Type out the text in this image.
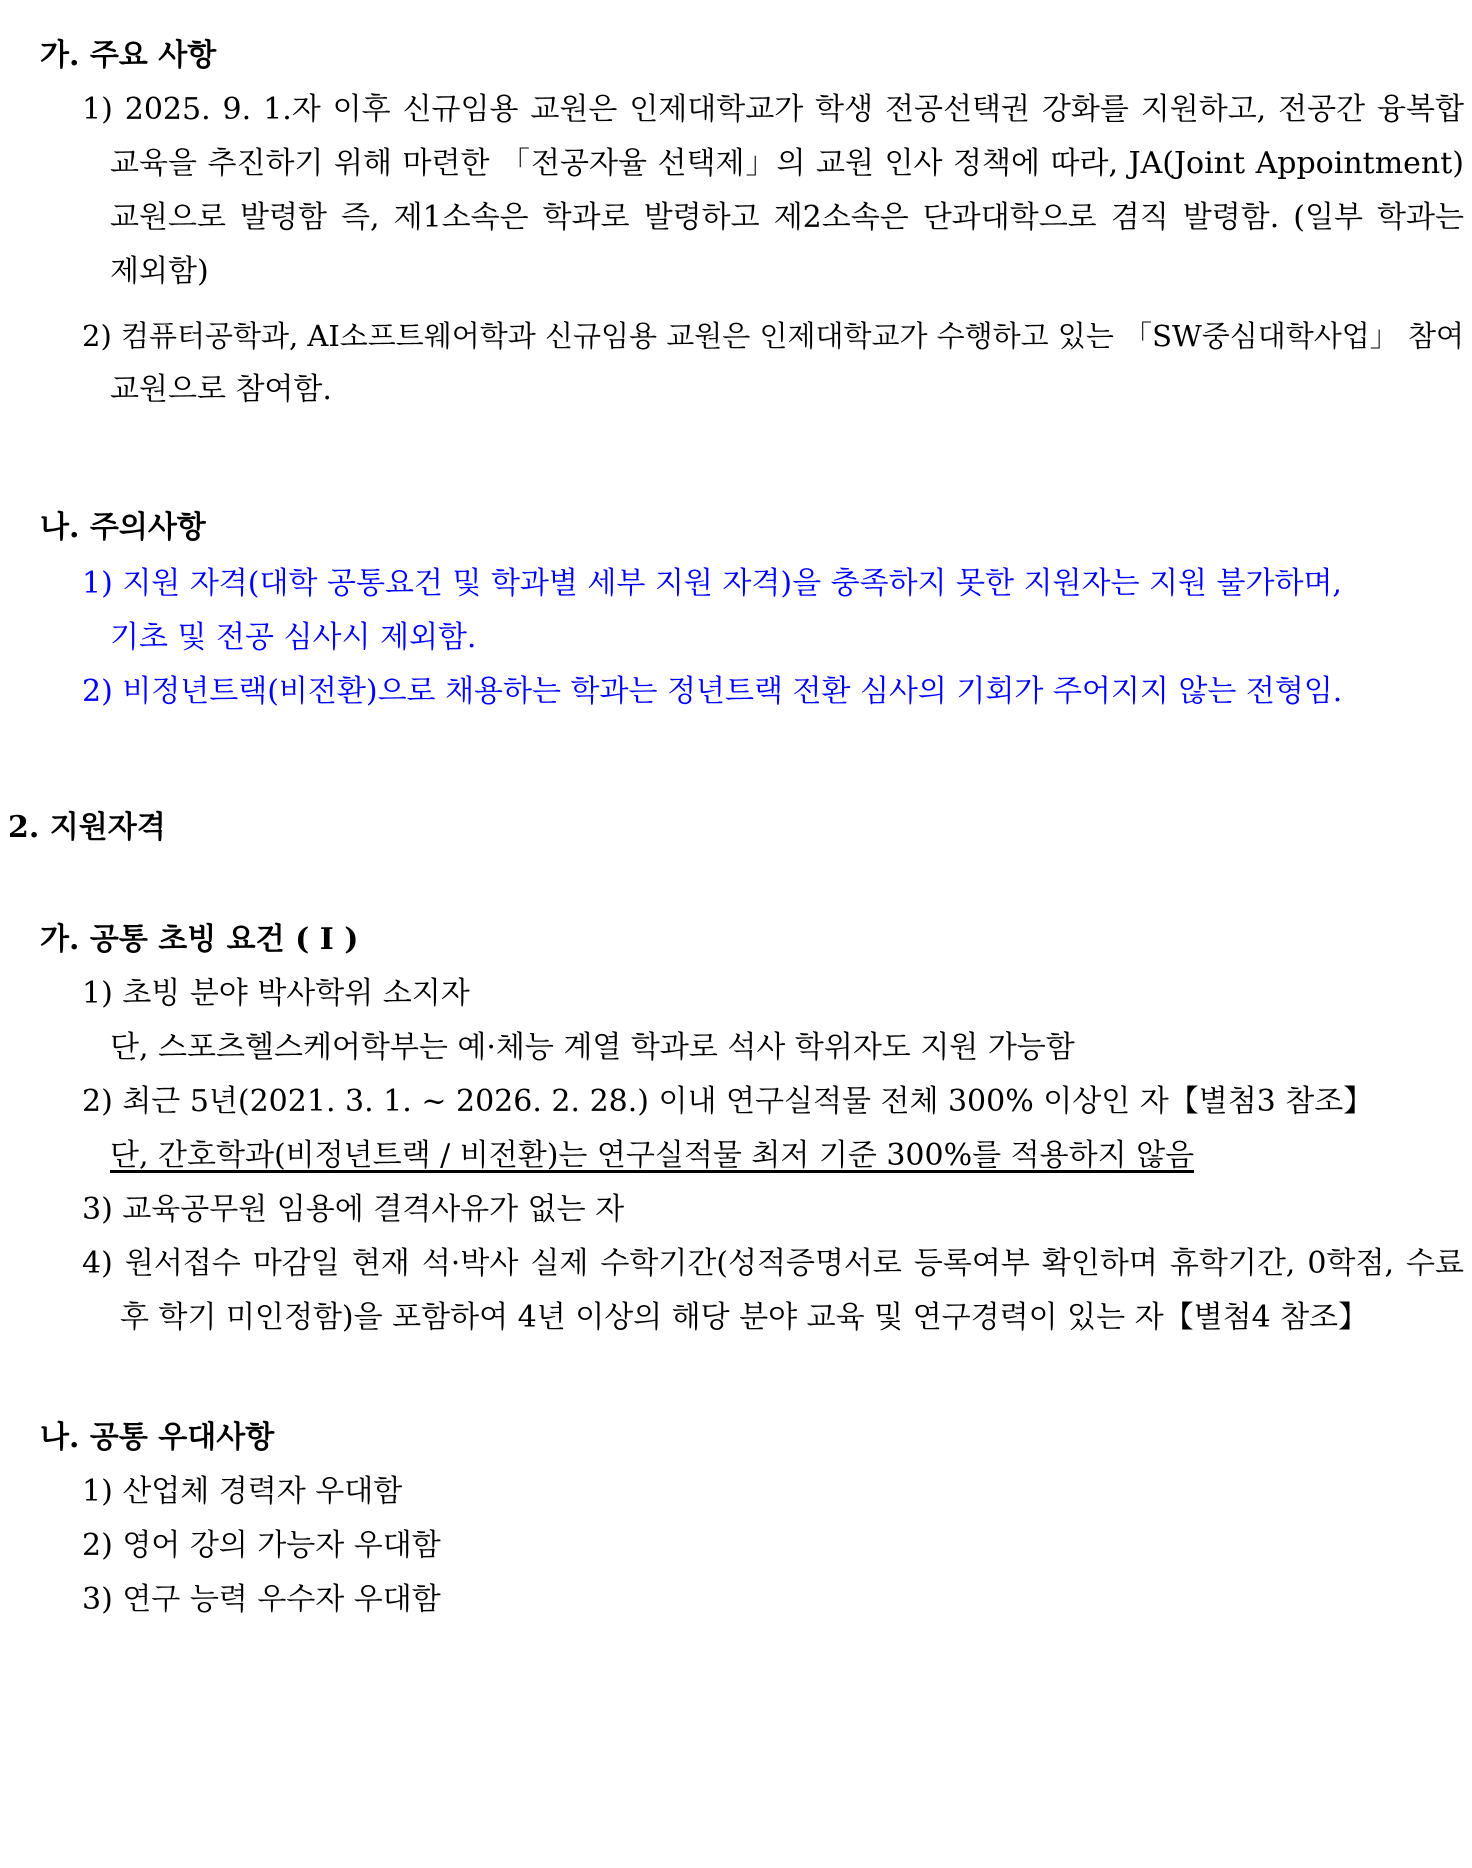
가. 주요 사항
1) 2025. 9. 1.자 이후 신규임용 교원은 인제대학교가 학생 전공선택권 강화를 지원하고, 전공간 융복합
교육을 추진하기 위해 마련한 「전공자율 선택제」의 교원 인사 정책에 따라, JA(Joint Appointment)
교원으로 발령함 즉, 제1소속은 학과로 발령하고 제2소속은 단과대학으로 겸직 발령함. (일부 학과는
제외함)
2) 컴퓨터공학과, AI소프트웨어학과 신규임용 교원은 인제대학교가 수행하고 있는 「SW중심대학사업」 참여
교원으로 참여함.
나. 주의사항
1) 지원 자격(대학 공통요건 및 학과별 세부 지원 자격)을 충족하지 못한 지원자는 지원 불가하며,
기초 및 전공 심사시 제외함.
2) 비정년트랙(비전환)으로 채용하는 학과는 정년트랙 전환 심사의 기회가 주어지지 않는 전형임.
2. 지원자격
가. 공통 초빙 요건 ( I )
1) 초빙 분야 박사학위 소지자
단, 스포츠헬스케어학부는 예·체능 계열 학과로 석사 학위자도 지원 가능함
2) 최근 5년(2021. 3. 1. ~ 2026. 2. 28.) 이내 연구실적물 전체 300% 이상인 자【별첨3 참조】
단, 간호학과(비정년트랙 / 비전환)는 연구실적물 최저 기준 300%를 적용하지 않음
3) 교육공무원 임용에 결격사유가 없는 자
4) 원서접수 마감일 현재 석·박사 실제 수학기간(성적증명서로 등록여부 확인하며 휴학기간, 0학점, 수료
후 학기 미인정함)을 포함하여 4년 이상의 해당 분야 교육 및 연구경력이 있는 자【별첨4 참조】
나. 공통 우대사항
1) 산업체 경력자 우대함
2) 영어 강의 가능자 우대함
3) 연구 능력 우수자 우대함
